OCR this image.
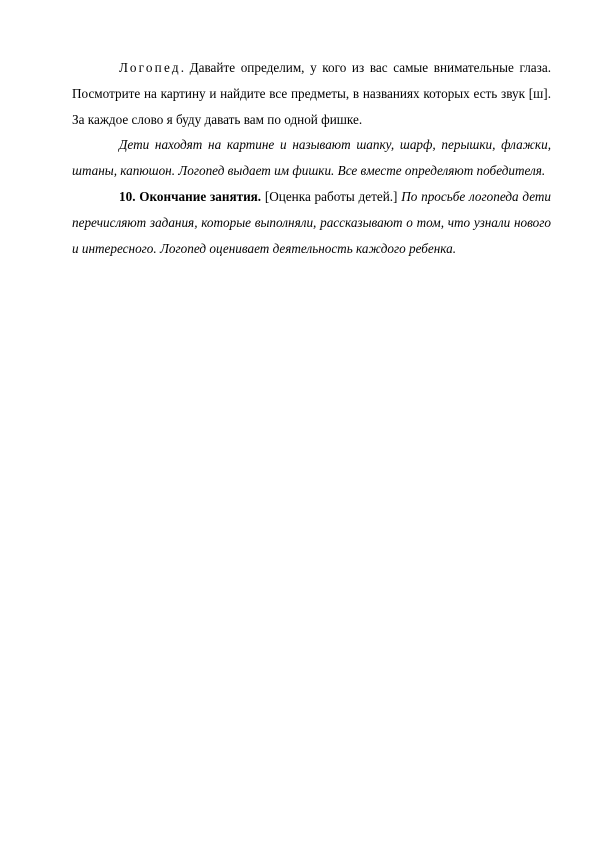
Логопед. Давайте определим, у кого из вас самые внимательные глаза. Посмотрите на картину и найдите все предметы, в названиях которых есть звук [ш]. За каждое слово я буду давать вам по одной фишке.

Дети находят на картине и называют шапку, шарф, перышки, флажки, штаны, капюшон. Логопед выдает им фишки. Все вместе определяют победителя.

10. Окончание занятия. [Оценка работы детей.] По просьбе логопеда дети перечисляют задания, которые выполняли, рассказывают о том, что узнали нового и интересного. Логопед оценивает деятельность каждого ребенка.
